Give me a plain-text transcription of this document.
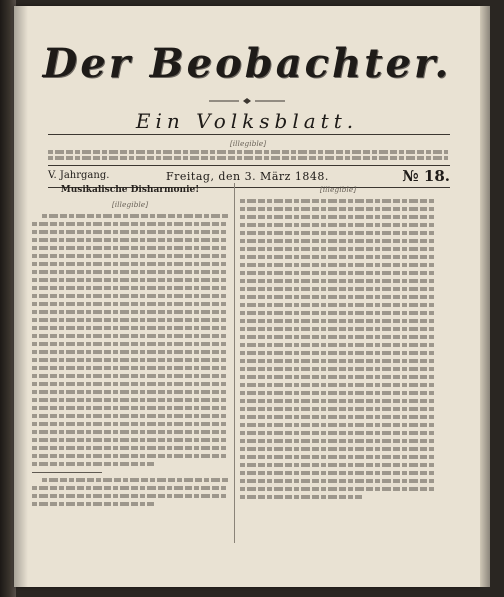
Der Beobachter.
Ein Volksblatt.
[illegible]
V. Jahrgang.	Freitag, den 3. März 1848.	№ 18.
Musikalische Disharmonie!
[illegible]
[illegible]
